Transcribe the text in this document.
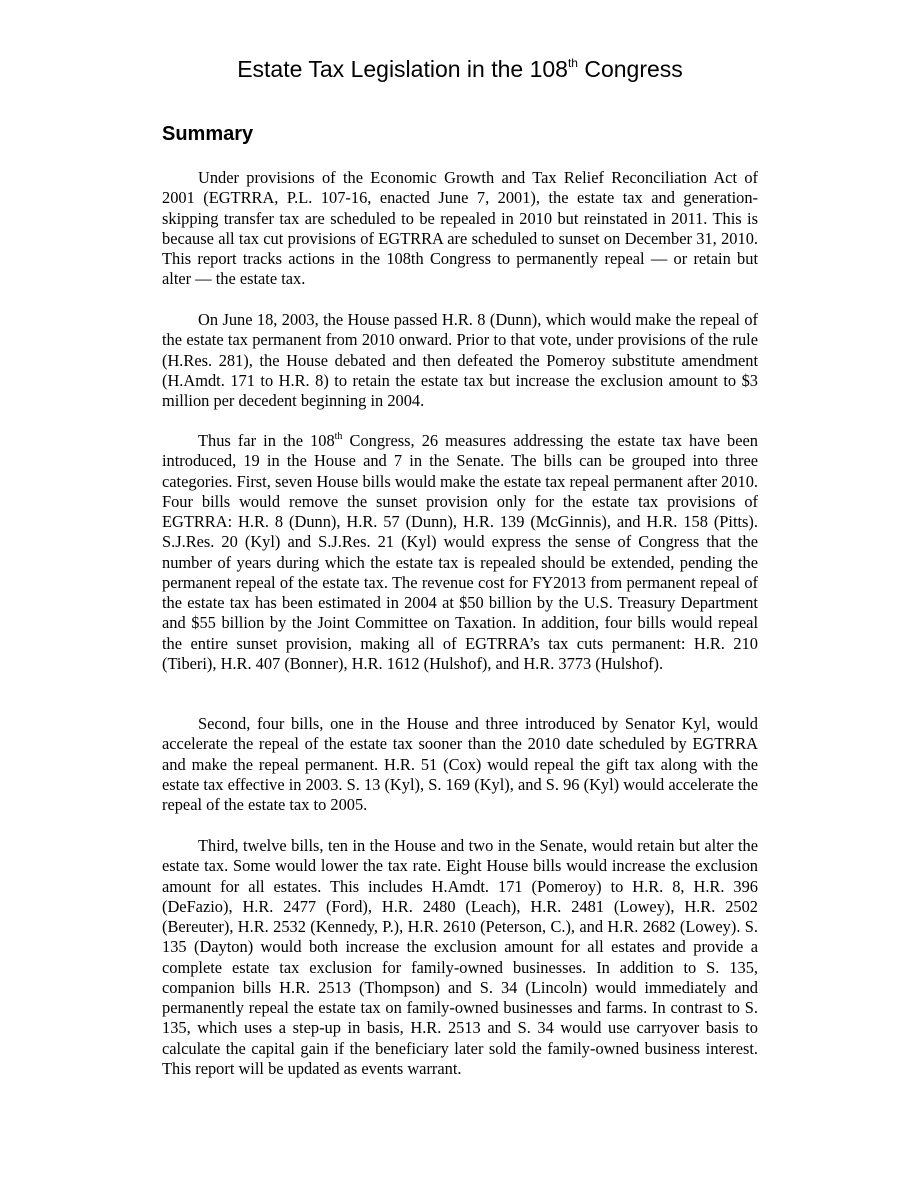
Estate Tax Legislation in the 108th Congress
Summary

Under provisions of the Economic Growth and Tax Relief Reconciliation Act of 2001 (EGTRRA, P.L. 107-16, enacted June 7, 2001), the estate tax and generation-skipping transfer tax are scheduled to be repealed in 2010 but reinstated in 2011. This is because all tax cut provisions of EGTRRA are scheduled to sunset on December 31, 2010. This report tracks actions in the 108th Congress to permanently repeal — or retain but alter — the estate tax.

On June 18, 2003, the House passed H.R. 8 (Dunn), which would make the repeal of the estate tax permanent from 2010 onward. Prior to that vote, under provisions of the rule (H.Res. 281), the House debated and then defeated the Pomeroy substitute amendment (H.Amdt. 171 to H.R. 8) to retain the estate tax but increase the exclusion amount to $3 million per decedent beginning in 2004.

Thus far in the 108th Congress, 26 measures addressing the estate tax have been introduced, 19 in the House and 7 in the Senate. The bills can be grouped into three categories. First, seven House bills would make the estate tax repeal permanent after 2010. Four bills would remove the sunset provision only for the estate tax provisions of EGTRRA: H.R. 8 (Dunn), H.R. 57 (Dunn), H.R. 139 (McGinnis), and H.R. 158 (Pitts). S.J.Res. 20 (Kyl) and S.J.Res. 21 (Kyl) would express the sense of Congress that the number of years during which the estate tax is repealed should be extended, pending the permanent repeal of the estate tax. The revenue cost for FY2013 from permanent repeal of the estate tax has been estimated in 2004 at $50 billion by the U.S. Treasury Department and $55 billion by the Joint Committee on Taxation. In addition, four bills would repeal the entire sunset provision, making all of EGTRRA’s tax cuts permanent: H.R. 210 (Tiberi), H.R. 407 (Bonner), H.R. 1612 (Hulshof), and H.R. 3773 (Hulshof).

Second, four bills, one in the House and three introduced by Senator Kyl, would accelerate the repeal of the estate tax sooner than the 2010 date scheduled by EGTRRA and make the repeal permanent. H.R. 51 (Cox) would repeal the gift tax along with the estate tax effective in 2003. S. 13 (Kyl), S. 169 (Kyl), and S. 96 (Kyl) would accelerate the repeal of the estate tax to 2005.

Third, twelve bills, ten in the House and two in the Senate, would retain but alter the estate tax. Some would lower the tax rate. Eight House bills would increase the exclusion amount for all estates. This includes H.Amdt. 171 (Pomeroy) to H.R. 8, H.R. 396 (DeFazio), H.R. 2477 (Ford), H.R. 2480 (Leach), H.R. 2481 (Lowey), H.R. 2502 (Bereuter), H.R. 2532 (Kennedy, P.), H.R. 2610 (Peterson, C.), and H.R. 2682 (Lowey). S. 135 (Dayton) would both increase the exclusion amount for all estates and provide a complete estate tax exclusion for family-owned businesses. In addition to S. 135, companion bills H.R. 2513 (Thompson) and S. 34 (Lincoln) would immediately and permanently repeal the estate tax on family-owned businesses and farms. In contrast to S. 135, which uses a step-up in basis, H.R. 2513 and S. 34 would use carryover basis to calculate the capital gain if the beneficiary later sold the family-owned business interest. This report will be updated as events warrant.
